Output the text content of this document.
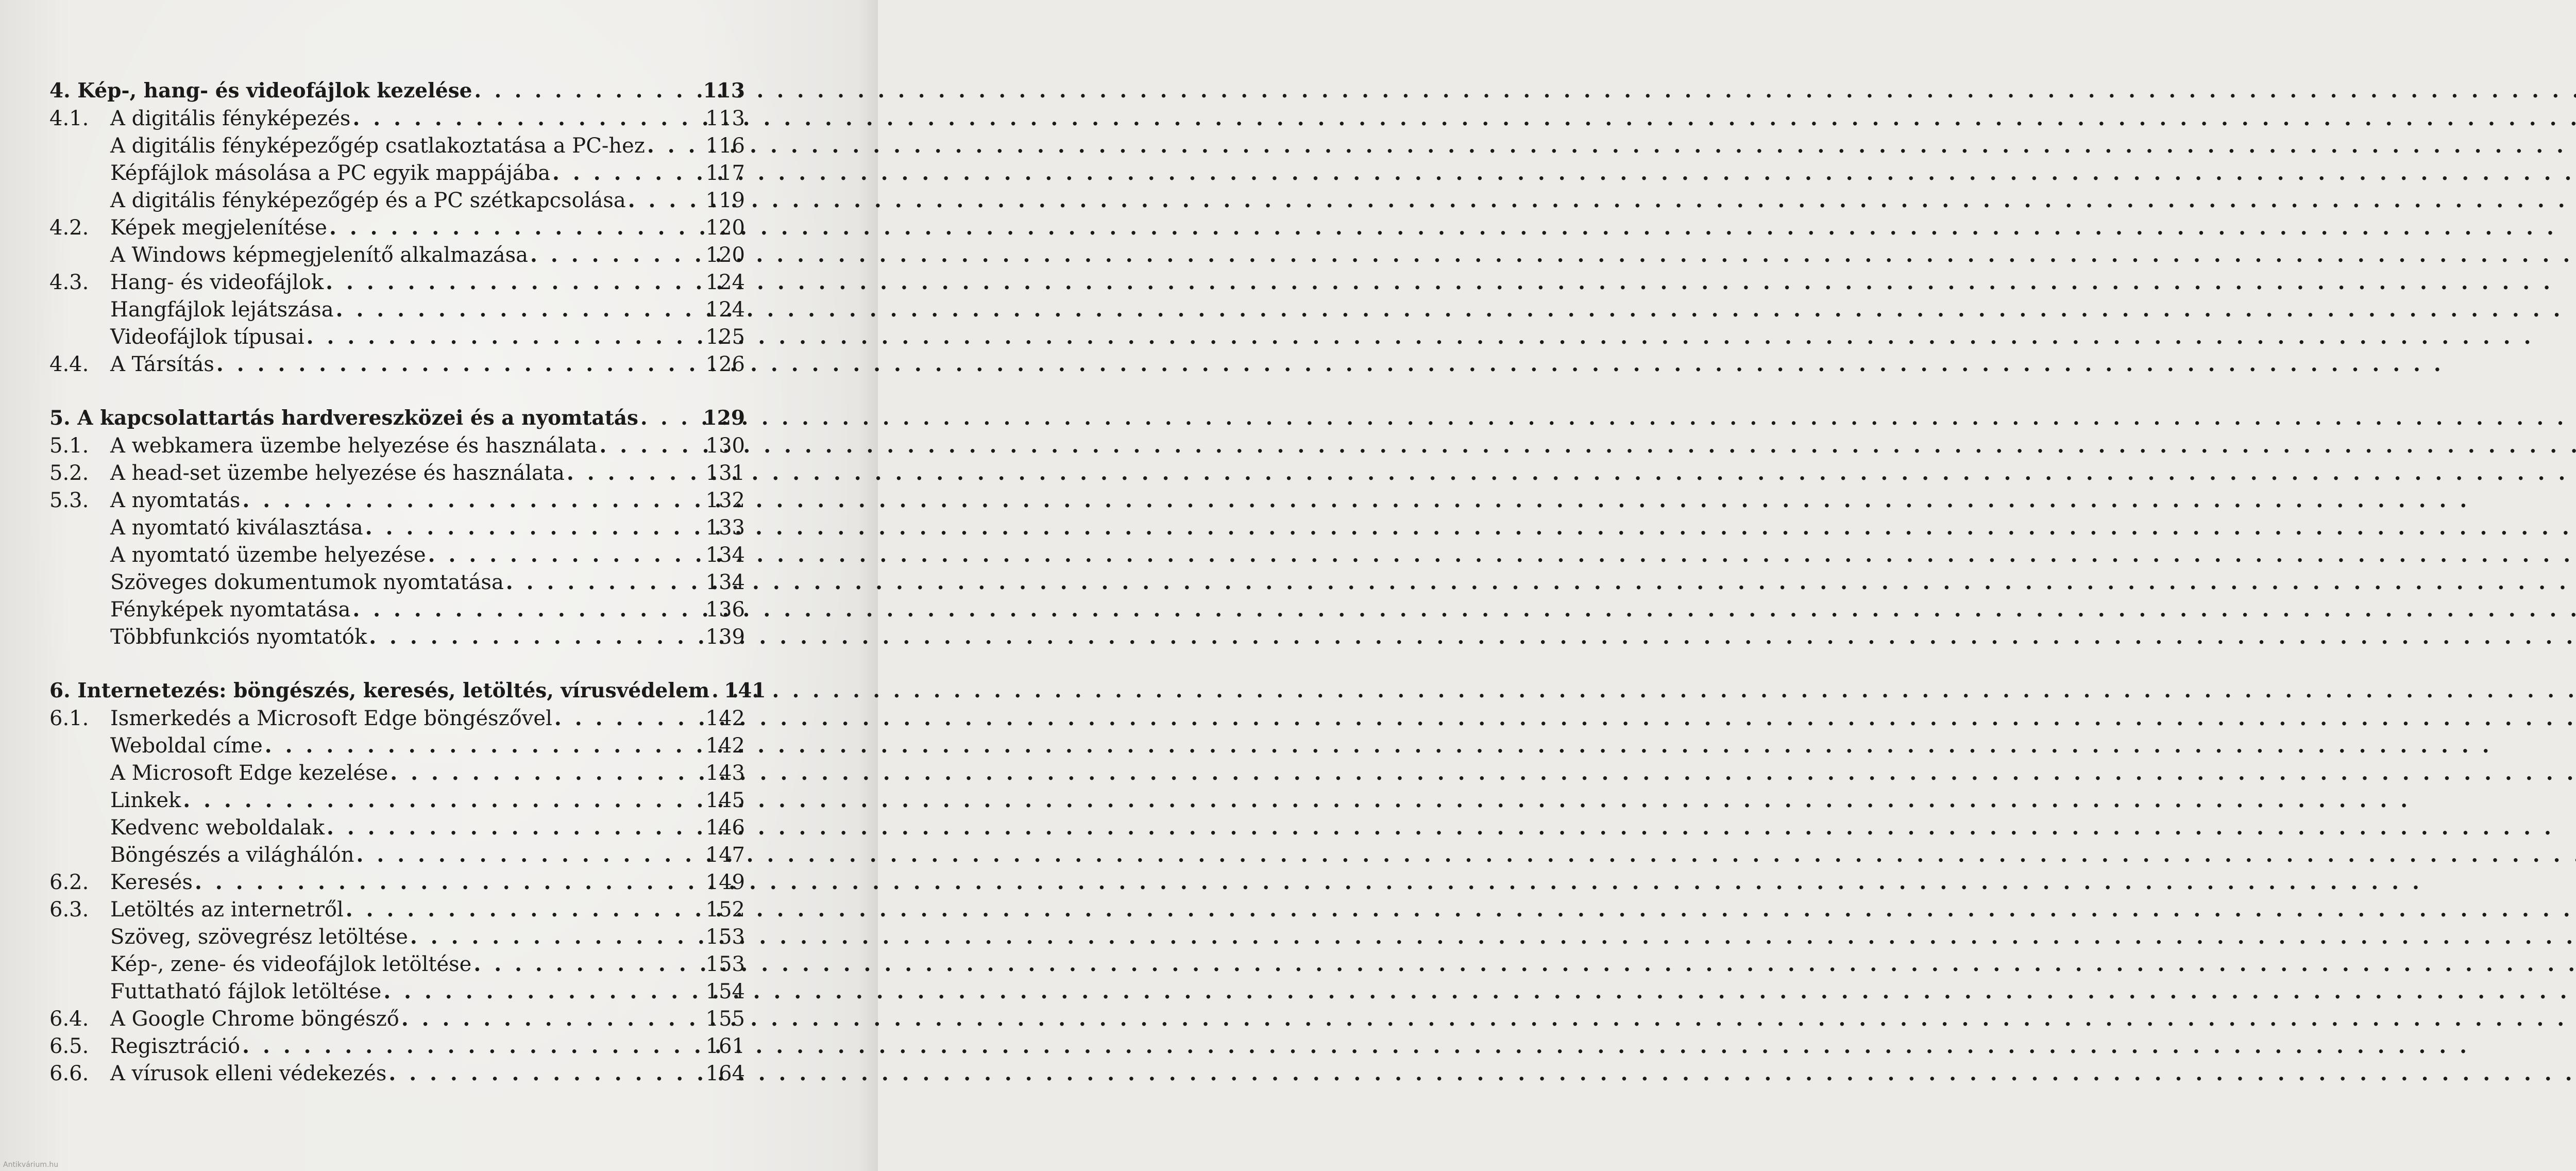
4. Kép-, hang- és videofájlok kezelése . . .	113
4.1.	A digitális fényképezés . . .	113
A digitális fényképezőgép csatlakoztatása a PC-hez . . .	116
Képfájlok másolása a PC egyik mappájába . . .	117
A digitális fényképezőgép és a PC szétkapcsolása . . .	119
4.2.	Képek megjelenítése . . .	120
A Windows képmegjelenítő alkalmazása . . .	120
4.3.	Hang- és videofájlok . . .	124
Hangfájlok lejátszása . . .	124
Videofájlok típusai . . .	125
4.4.	A Társítás . . .	126
5. A kapcsolattartás hardvereszközei és a nyomtatás . . .	129
5.1.	A webkamera üzembe helyezése és használata . . .	130
5.2.	A head-set üzembe helyezése és használata . . .	131
5.3.	A nyomtatás . . .	132
A nyomtató kiválasztása . . .	133
A nyomtató üzembe helyezése . . .	134
Szöveges dokumentumok nyomtatása . . .	134
Fényképek nyomtatása . . .	136
Többfunkciós nyomtatók . . .	139
6. Internetezés: böngészés, keresés, letöltés, vírusvédelem . . . 141
6.1.	Ismerkedés a Microsoft Edge böngészővel . . .	142
Weboldal címe . . .	142
A Microsoft Edge kezelése . . .	143
Linkek . . .	145
Kedvenc weboldalak . . .	146
Böngészés a világhálón . . .	147
6.2.	Keresés . . .	149
6.3.	Letöltés az internetről . . .	152
Szöveg, szövegrész letöltése . . .	153
Kép-, zene- és videofájlok letöltése . . .	153
Futtatható fájlok letöltése . . .	154
6.4.	A Google Chrome böngésző . . .	155
6.5.	Regisztráció . . .	161
6.6.	A vírusok elleni védekezés . . .	164
Antikvárium.hu
